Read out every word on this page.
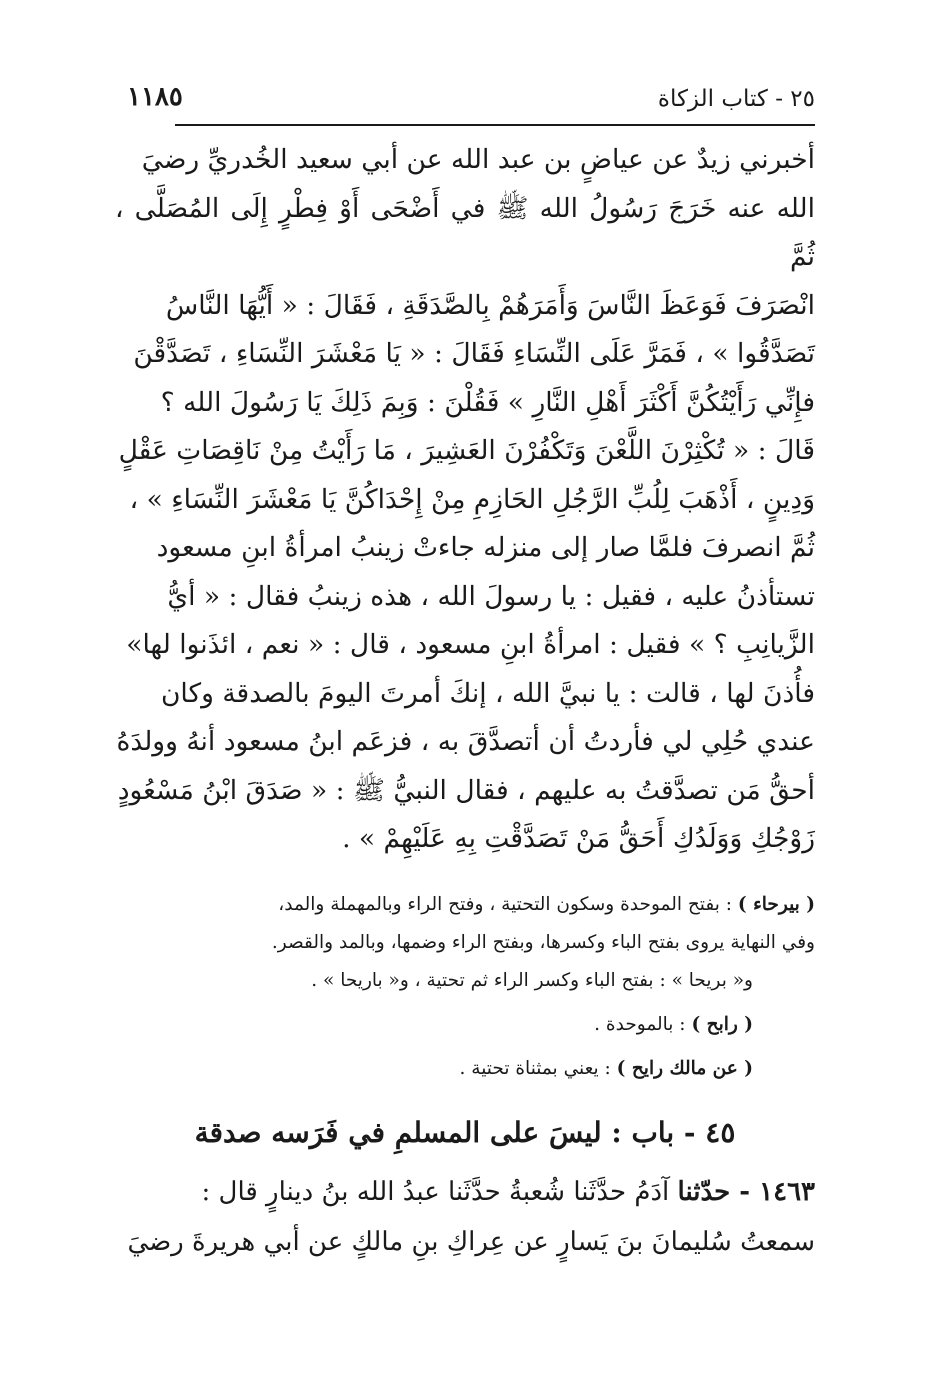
٢٥ - كتاب الزكاة
١١٨٥

أخبرني زيدٌ عن عياضٍ بن عبد الله عن أبي سعيد الخُدريِّ رضيَ

الله عنه خَرَجَ رَسُولُ الله ﷺ في أَضْحَى أَوْ فِطْرٍ إِلَى المُصَلَّى ، ثُمَّ

انْصَرَفَ فَوَعَظَ النَّاسَ وَأَمَرَهُمْ بِالصَّدَقَةِ ، فَقَالَ : « أَيُّهَا النَّاسُ

تَصَدَّقُوا » ، فَمَرَّ عَلَى النِّسَاءِ فَقَالَ : « يَا مَعْشَرَ النِّسَاءِ ، تَصَدَّقْنَ

فإِنِّي رَأَيْتُكُنَّ أَكْثَرَ أَهْلِ النَّارِ » فَقُلْنَ : وَبِمَ ذَلِكَ يَا رَسُولَ الله ؟

قَالَ : « تُكْثِرْنَ اللَّعْنَ وَتَكْفُرْنَ العَشِيرَ ، مَا رَأَيْتُ مِنْ نَاقِصَاتِ عَقْلٍ

وَدِينٍ ، أَذْهَبَ لِلُبِّ الرَّجُلِ الحَازِمِ مِنْ إِحْدَاكُنَّ يَا مَعْشَرَ النِّسَاءِ » ،

ثُمَّ انصرفَ فلمَّا صار إلى منزله جاءتْ زينبُ امرأةُ ابنِ مسعود

تستأذنُ عليه ، فقيل : يا رسولَ الله ، هذه زينبُ فقال : « أيُّ

الزَّيانِبِ ؟ » فقيل : امرأةُ ابنِ مسعود ، قال : « نعم ، ائذَنوا لها»

فأُذنَ لها ، قالت : يا نبيَّ الله ، إنكَ أمرتَ اليومَ بالصدقة وكان

عندي حُلِي لي فأردتُ أن أتصدَّقَ به ، فزعَم ابنُ مسعود أنهُ وولدَهُ

أحقُّ مَن تصدَّقتُ به عليهم ، فقال النبيُّ ﷺ : « صَدَقَ ابْنُ مَسْعُودٍ

زَوْجُكِ وَوَلَدُكِ أَحَقُّ مَنْ تَصَدَّقْتِ بِهِ عَلَيْهِمْ » .

( بيرحاء ) : بفتح الموحدة وسكون التحتية ، وفتح الراء وبالمهملة والمد،

وفي النهاية يروى بفتح الباء وكسرها، وبفتح الراء وضمها، وبالمد والقصر.

و« بريحا » : بفتح الباء وكسر الراء ثم تحتية ، و« باريحا » .

( رابح ) : بالموحدة .

( عن مالك رايح ) : يعني بمثناة تحتية .

٤٥ - باب : ليسَ على المسلمِ في فَرَسه صدقة

١٤٦٣ - حدّثنا آدَمُ حدَّثَنا شُعبةُ حدَّثَنا عبدُ الله بنُ دينارٍ قال :

سمعتُ سُليمانَ بنَ يَسارٍ عن عِراكِ بنِ مالكٍ عن أبي هريرةَ رضيَ
